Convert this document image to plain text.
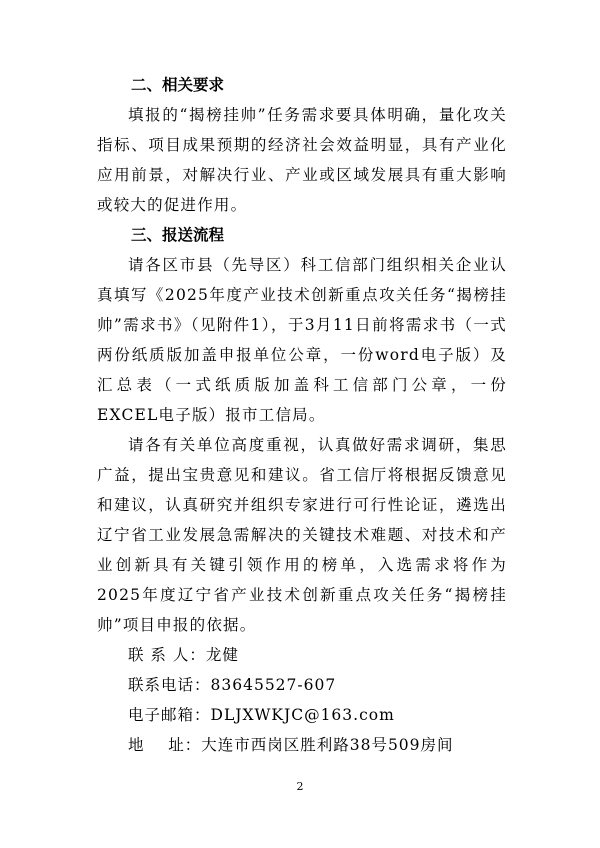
二、相关要求

填报的“揭榜挂帅”任务需求要具体明确，量化攻关指标、项目成果预期的经济社会效益明显，具有产业化应用前景，对解决行业、产业或区域发展具有重大影响或较大的促进作用。

三、报送流程

请各区市县（先导区）科工信部门组织相关企业认真填写《2025年度产业技术创新重点攻关任务“揭榜挂帅”需求书》（见附件1），于3月11日前将需求书（一式两份纸质版加盖申报单位公章，一份word电子版）及汇总表（一式纸质版加盖科工信部门公章，一份EXCEL电子版）报市工信局。

请各有关单位高度重视，认真做好需求调研，集思广益，提出宝贵意见和建议。省工信厅将根据反馈意见和建议，认真研究并组织专家进行可行性论证，遴选出辽宁省工业发展急需解决的关键技术难题、对技术和产业创新具有关键引领作用的榜单，入选需求将作为2025年度辽宁省产业技术创新重点攻关任务“揭榜挂帅”项目申报的依据。

联 系 人：龙健

联系电话：83645527-607

电子邮箱：DLJXWKJC@163.com

地    址：大连市西岗区胜利路38号509房间

2
